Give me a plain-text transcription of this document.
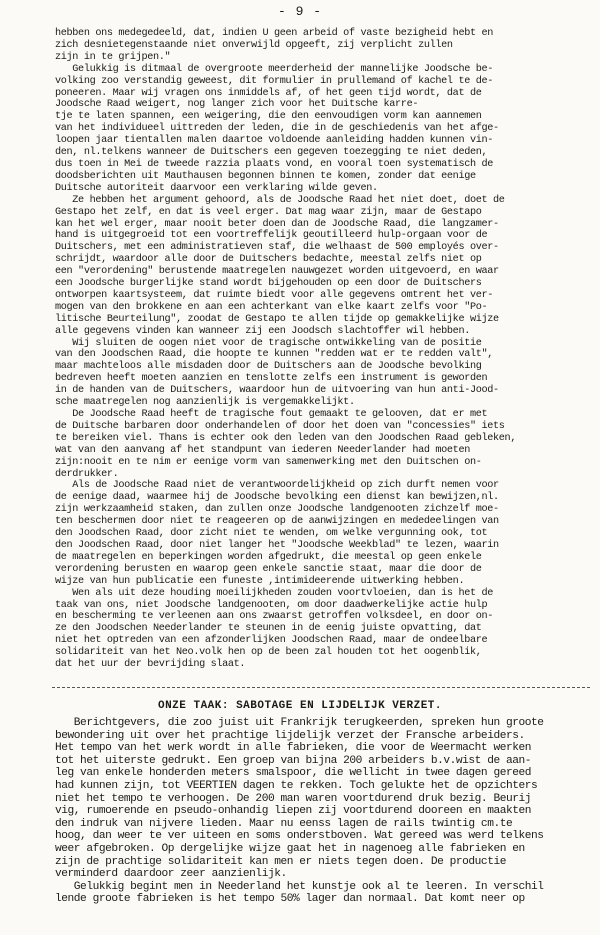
- 9 -
hebben ons medegedeeld, dat, indien U geen arbeid of vaste bezigheid hebt en
zich desnietegenstaande niet onverwijld opgeeft, zij verplicht zullen
zijn in te grijpen."
Gelukkig is ditmaal de overgroote meerderheid der mannelijke Joodsche be-
volking zoo verstandig geweest, dit formulier in prullemand of kachel te de-
poneeren. Maar wij vragen ons inmiddels af, of het geen tijd wordt, dat de
Joodsche Raad weigert, nog langer zich voor het Duitsche karre-
tje te laten spannen, een weigering, die den eenvoudigen vorm kan aannemen
van het individueel uittreden der leden, die in de geschiedenis van het afge-
loopen jaar tientallen malen daartoe voldoende aanleiding hadden kunnen vin-
den, nl.telkens wanneer de Duitschers een gegeven toezegging te niet deden,
dus toen in Mei de tweede razzia plaats vond, en vooral toen systematisch de
doodsberichten uit Mauthausen begonnen binnen te komen, zonder dat eenige
Duitsche autoriteit daarvoor een verklaring wilde geven.
Ze hebben het argument gehoord, als de Joodsche Raad het niet doet, doet de
Gestapo het zelf, en dat is veel erger. Dat mag waar zijn, maar de Gestapo
kan het wel erger, maar nooit beter doen dan de Joodsche Raad, die langzamer-
hand is uitgegroeid tot een voortreffelijk geoutilleerd hulp-orgaan voor de
Duitschers, met een administratieven staf, die welhaast de 500 employés over-
schrijdt, waardoor alle door de Duitschers bedachte, meestal zelfs niet op
een "verordening" berustende maatregelen nauwgezet worden uitgevoerd, en waar
een Joodsche burgerlijke stand wordt bijgehouden op een door de Duitschers
ontworpen kaartsysteem, dat ruimte biedt voor alle gegevens omtrent het ver-
mogen van den brokkene en aan een achterkant van elke kaart zelfs voor "Po-
litische Beurteilung", zoodat de Gestapo te allen tijde op gemakkelijke wijze
alle gegevens vinden kan wanneer zij een Joodsch slachtoffer wil hebben.
Wij sluiten de oogen niet voor de tragische ontwikkeling van de positie
van den Joodschen Raad, die hoopte te kunnen "redden wat er te redden valt",
maar machteloos alle misdaden door de Duitschers aan de Joodsche bevolking
bedreven heeft moeten aanzien en tenslotte zelfs een instrument is geworden
in de handen van de Duitschers, waardoor hun de uitvoering van hun anti-Jood-
sche maatregelen nog aanzienlijk is vergemakkelijkt.
De Joodsche Raad heeft de tragische fout gemaakt te gelooven, dat er met
de Duitsche barbaren door onderhandelen of door het doen van "concessies" iets
te bereiken viel. Thans is echter ook den leden van den Joodschen Raad gebleken,
wat van den aanvang af het standpunt van iederen Neederlander had moeten
zijn:nooit en te nim er eenige vorm van samenwerking met den Duitschen on-
derdrukker.
Als de Joodsche Raad niet de verantwoordelijkheid op zich durft nemen voor
de eenige daad, waarmee hij de Joodsche bevolking een dienst kan bewijzen,nl.
zijn werkzaamheid staken, dan zullen onze Joodsche landgenooten zichzelf moe-
ten beschermen door niet te reageeren op de aanwijzingen en mededeelingen van
den Joodschen Raad, door zicht niet te wenden, om welke vergunning ook, tot
den Joodschen Raad, door niet langer het "Joodsche Weekblad" te lezen, waarin
de maatregelen en beperkingen worden afgedrukt, die meestal op geen enkele
verordening berusten en waarop geen enkele sanctie staat, maar die door de
wijze van hun publicatie een funeste ,intimideerende uitwerking hebben.
Wen als uit deze houding moeilijkheden zouden voortvloeien, dan is het de
taak van ons, niet Joodsche landgenooten, om door daadwerkelijke actie hulp
en bescherming te verleenen aan ons zwaarst getroffen volksdeel, en door on-
ze den Joodschen Neederlander te steunen in de eenig juiste opvatting, dat
niet het optreden van een afzonderlijken Joodschen Raad, maar de ondeelbare
solidariteit van het Neo.volk hen op de been zal houden tot het oogenblik,
dat het uur der bevrijding slaat.
ONZE TAAK: SABOTAGE EN LIJDELIJK VERZET.
Berichtgevers, die zoo juist uit Frankrijk terugkeerden, spreken hun groote
bewondering uit over het prachtige lijdelijk verzet der Fransche arbeiders.
Het tempo van het werk wordt in alle fabrieken, die voor de Weermacht werken
tot het uiterste gedrukt. Een groep van bijna 200 arbeiders b.v.wist de aan-
leg van enkele honderden meters smalspoor, die wellicht in twee dagen gereed
had kunnen zijn, tot VEERTIEN dagen te rekken. Toch gelukte het de opzichters
niet het tempo te verhoogen. De 200 man waren voortdurend druk bezig. Beurij
vig, rumoerende en pseudo-onhandig liepen zij voortdurend dooreen en maakten
den indruk van nijvere lieden. Maar nu eenss lagen de rails twintig cm.te
hoog, dan weer te ver uiteen en soms onderstboven. Wat gereed was werd telkens
weer afgebroken. Op dergelijke wijze gaat het in nagenoeg alle fabrieken en
zijn de prachtige solidariteit kan men er niets tegen doen. De productie
verminderd daardoor zeer aanzienlijk.
Gelukkig begint men in Neederland het kunstje ook al te leeren. In verschil
lende groote fabrieken is het tempo 50% lager dan normaal. Dat komt neer op
